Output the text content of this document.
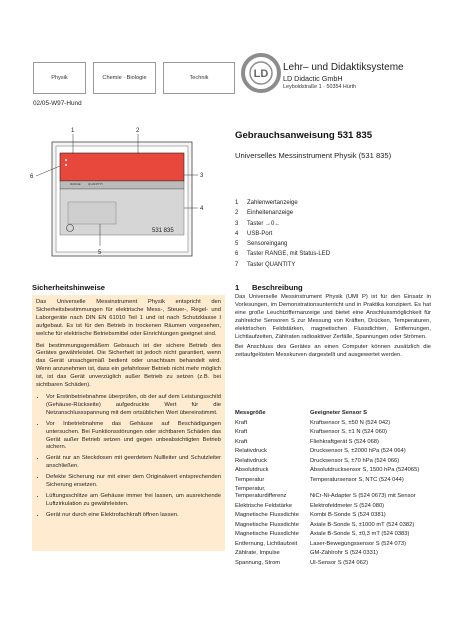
Physik	Chemie · Biologie	Technik	LD
Lehr– und Didaktiksysteme
LD Didactic GmbH
Leyboldstraße 1 · 50354 Hürth
02/05-W97-Hund
1	2
3
4
5
6
531 835
RANGE QUANTITY
Gebrauchsanweisung 531 835
Universelles Messinstrument Physik (531 835)
1 Zahlenwertanzeige
2 Einheitenanzeige
3 Taster →0←
4 USB-Port
5 Sensoreingang
6 Taster RANGE, mit Status-LED
7 Taster QUANTITY
Sicherheitshinweise

Das Universelle Messinstrument Physik entspricht den Sicherheitsbestimmungen für elektrische Mess-, Steuer-, Regel- und Laborgeräte nach DIN EN 61010 Teil 1 und ist nach Schutzklasse I aufgebaut. Es ist für den Betrieb in trockenen Räumen vorgesehen, welche für elektrische Betriebsmittel oder Einrichtungen geeignet sind.

Bei bestimmungsgemäßem Gebrauch ist der sichere Betrieb des Gerätes gewährleistet. Die Sicherheit ist jedoch nicht garantiert, wenn das Gerät unsachgemäß bedient oder unachtsam behandelt wird. Wenn anzunehmen ist, dass ein gefahrloser Betrieb nicht mehr möglich ist, ist das Gerät unverzüglich außer Betrieb zu setzen (z.B. bei sichtbaren Schäden).

• Vor Erstinbetriebnahme überprüfen, ob der auf dem Leistungsschild (Gehäuse-Rückseite) aufgedruckte Wert für die Netzanschlussspannung mit dem ortsüblichen Wert übereinstimmt.
• Vor Inbetriebnahme das Gehäuse auf Beschädigungen untersuchen. Bei Funktionsstörungen oder sichtbaren Schäden das Gerät außer Betrieb setzen und gegen unbeabsichtigten Betrieb sichern.
• Gerät nur an Steckdosen mit geerdetem Nullleiter und Schutzleiter anschließen.
• Defekte Sicherung nur mit einer dem Originalwert entsprechenden Sicherung ersetzen.
• Lüftungsschlitze am Gehäuse immer frei lassen, um ausreichende Luftzirkulation zu gewährleisten.
• Gerät nur durch eine Elektrofachkraft öffnen lassen.
1 Beschreibung

Das Universelle Messinstrument Physik (UMI P) ist für den Einsatz in Vorlesungen, im Demonstrationsunterricht und in Praktika konzipiert. Es hat eine große Leuchtziffernanzeige und bietet eine Anschlussmöglichkeit für zahlreiche Sensoren S zur Messung von Kräften, Drücken, Temperaturen, elektrischen Feldstärken, magnetischen Flussdichten, Entfernungen, Lichtlaufzeiten, Zählraten radioaktiver Zerfälle, Spannungen oder Strömen.

Bei Anschluss des Gerätes an einen Computer können zusätzlich die zeitaufgelösten Messkurven dargestellt und ausgewertet werden.

Messgröße	Geeigneter Sensor S
Kraft	Kraftsensor S, ±50 N (524 042)
Kraft	Kraftsensor S, ±1 N (524 060)
Kraft	Fliehkraftgerät S (524 068)
Relativdruck	Drucksensor S, ±2000 hPa (524 064)
Relativdruck	Drucksensor S, ±70 hPa (524 066)
Absolutdruck	Absolutdrucksensor S, 1500 hPa (524065)
Temperatur	Temperatursensor S, NTC (524 044)
Temperatur, Temperaturdifferenz	NiCr-Ni-Adapter S (524 0673) mit Sensor
Elektrische Feldstärke	Elektrofeldmeter S (524 080)
Magnetische Flussdichte	Kombi B-Sonde S (524 0381)
Magnetische Flussdichte	Axiale B-Sonde S, ±1000 mT (524 0382)
Magnetische Flussdichte	Axiale B-Sonde S, ±0,3 mT (524 0383)
Entfernung, Lichtlaufzeit	Laser-Bewegungssensor S (524 073)
Zählrate, Impulse	GM-Zählrohr S (524 0331)
Spannung, Strom	UI-Sensor S (524 062)
